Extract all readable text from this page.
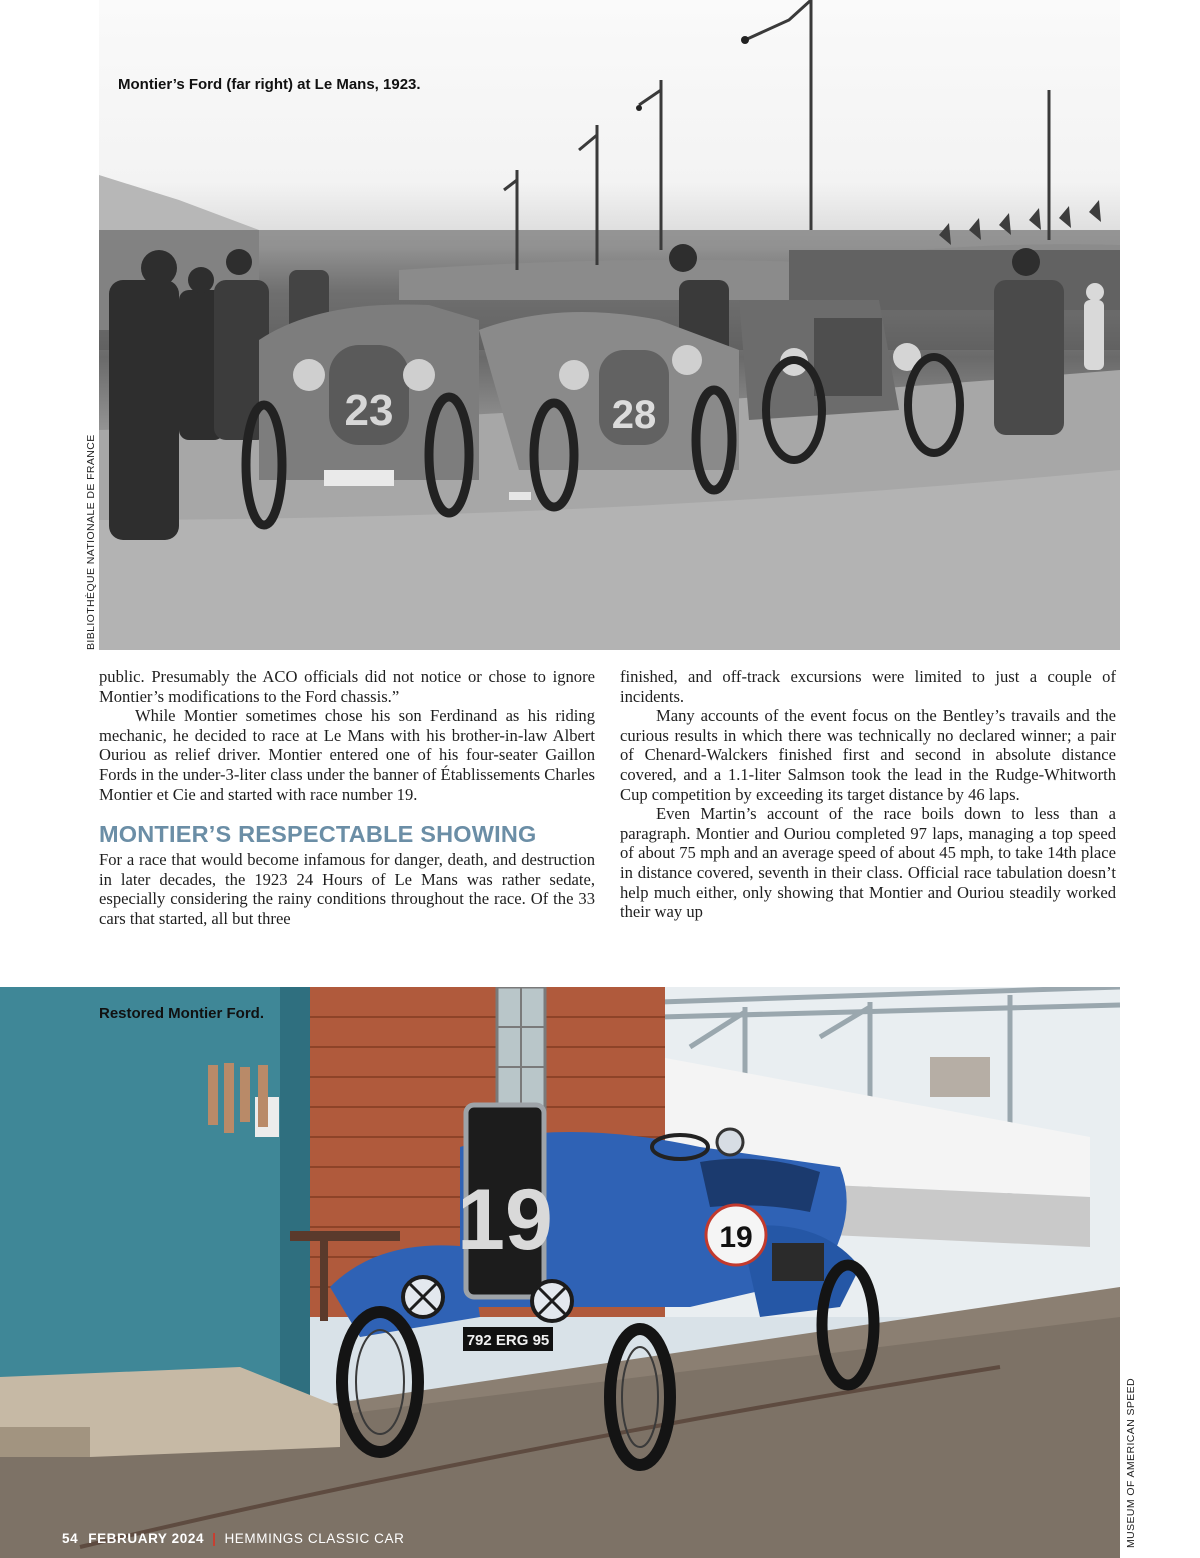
23	28

Montier’s Ford (far right) at Le Mans, 1923.

BIBLIOTHÈQUE NATIONALE DE FRANCE

public. Presumably the ACO officials did not notice or chose to ignore Montier’s modifications to the Ford chassis.”

While Montier sometimes chose his son Ferdinand as his riding mechanic, he decided to race at Le Mans with his brother-in-law Albert Ouriou as relief driver. Montier entered one of his four-seater Gaillon Fords in the under-3-liter class under the banner of Établissements Charles Montier et Cie and started with race number 19.

MONTIER’S RESPECTABLE SHOWING

For a race that would become infamous for danger, death, and destruction in later decades, the 1923 24 Hours of Le Mans was rather sedate, especially considering the rainy conditions throughout the race. Of the 33 cars that started, all but three

finished, and off-track excursions were limited to just a couple of incidents.

Many accounts of the event focus on the Bentley’s travails and the curious results in which there was technically no declared winner; a pair of Chenard-Walckers finished first and second in absolute distance covered, and a 1.1-liter Salmson took the lead in the Rudge-Whitworth Cup competition by exceeding its target distance by 46 laps.

Even Martin’s account of the race boils down to less than a paragraph. Montier and Ouriou completed 97 laps, managing a top speed of about 75 mph and an average speed of about 45 mph, to take 14th place in distance covered, seventh in their class. Official race tabulation doesn’t help much either, only showing that Montier and Ouriou steadily worked their way up

19	19
792 ERG 95

Restored Montier Ford.

MUSEUM OF AMERICAN SPEED

54 FEBRUARY 2024 | HEMMINGS CLASSIC CAR
